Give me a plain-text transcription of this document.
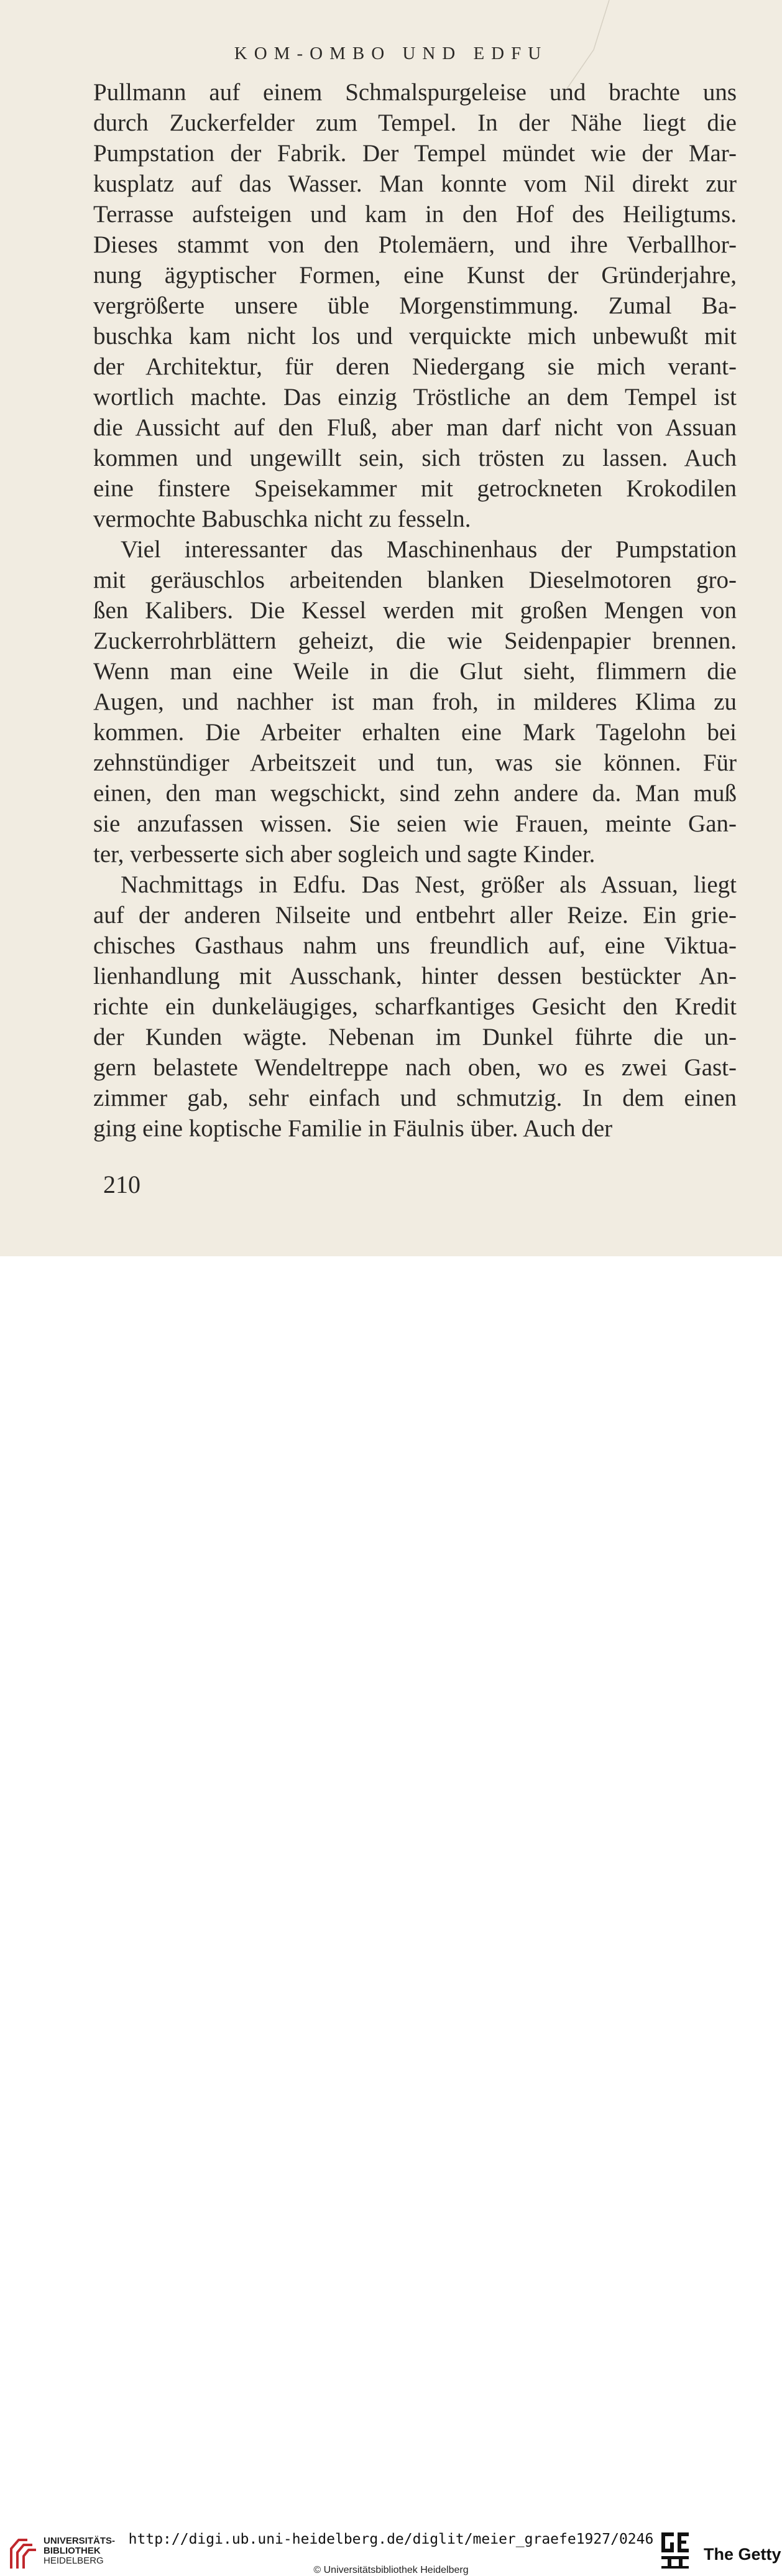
KOM-OMBO UND EDFU
Pullmann auf einem Schmalspurgeleise und brachte uns
durch Zuckerfelder zum Tempel. In der Nähe liegt die
Pumpstation der Fabrik. Der Tempel mündet wie der Mar-
kusplatz auf das Wasser. Man konnte vom Nil direkt zur
Terrasse aufsteigen und kam in den Hof des Heiligtums.
Dieses stammt von den Ptolemäern, und ihre Verballhor-
nung ägyptischer Formen, eine Kunst der Gründerjahre,
vergrößerte unsere üble Morgenstimmung. Zumal Ba-
buschka kam nicht los und verquickte mich unbewußt mit
der Architektur, für deren Niedergang sie mich verant-
wortlich machte. Das einzig Tröstliche an dem Tempel ist
die Aussicht auf den Fluß, aber man darf nicht von Assuan
kommen und ungewillt sein, sich trösten zu lassen. Auch
eine finstere Speisekammer mit getrockneten Krokodilen
vermochte Babuschka nicht zu fesseln.
Viel interessanter das Maschinenhaus der Pumpstation
mit geräuschlos arbeitenden blanken Dieselmotoren gro-
ßen Kalibers. Die Kessel werden mit großen Mengen von
Zuckerrohrblättern geheizt, die wie Seidenpapier brennen.
Wenn man eine Weile in die Glut sieht, flimmern die
Augen, und nachher ist man froh, in milderes Klima zu
kommen. Die Arbeiter erhalten eine Mark Tagelohn bei
zehnstündiger Arbeitszeit und tun, was sie können. Für
einen, den man wegschickt, sind zehn andere da. Man muß
sie anzufassen wissen. Sie seien wie Frauen, meinte Gan-
ter, verbesserte sich aber sogleich und sagte Kinder.
Nachmittags in Edfu. Das Nest, größer als Assuan, liegt
auf der anderen Nilseite und entbehrt aller Reize. Ein grie-
chisches Gasthaus nahm uns freundlich auf, eine Viktua-
lienhandlung mit Ausschank, hinter dessen bestückter An-
richte ein dunkeläugiges, scharfkantiges Gesicht den Kredit
der Kunden wägte. Nebenan im Dunkel führte die un-
gern belastete Wendeltreppe nach oben, wo es zwei Gast-
zimmer gab, sehr einfach und schmutzig. In dem einen
ging eine koptische Familie in Fäulnis über. Auch der
210
UNIVERSITÄTS-
BIBLIOTHEK
HEIDELBERG
http://digi.ub.uni-heidelberg.de/diglit/meier_graefe1927/0246
© Universitätsbibliothek Heidelberg
The Getty
